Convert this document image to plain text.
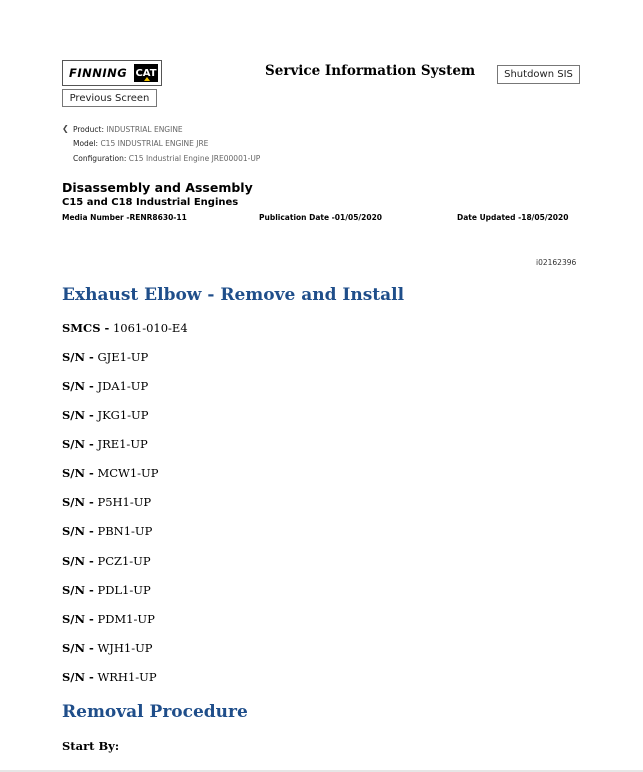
FINNING CAT
Previous Screen
Service Information System	Shutdown SIS
❮ Product: INDUSTRIAL ENGINE
Model: C15 INDUSTRIAL ENGINE JRE
Configuration: C15 Industrial Engine JRE00001-UP
Disassembly and Assembly
C15 and C18 Industrial Engines
Media Number -RENR8630-11	Publication Date -01/05/2020	Date Updated -18/05/2020
i02162396
Exhaust Elbow - Remove and Install
SMCS - 1061-010-E4
S/N - GJE1-UP
S/N - JDA1-UP
S/N - JKG1-UP
S/N - JRE1-UP
S/N - MCW1-UP
S/N - P5H1-UP
S/N - PBN1-UP
S/N - PCZ1-UP
S/N - PDL1-UP
S/N - PDM1-UP
S/N - WJH1-UP
S/N - WRH1-UP
Removal Procedure
Start By:
